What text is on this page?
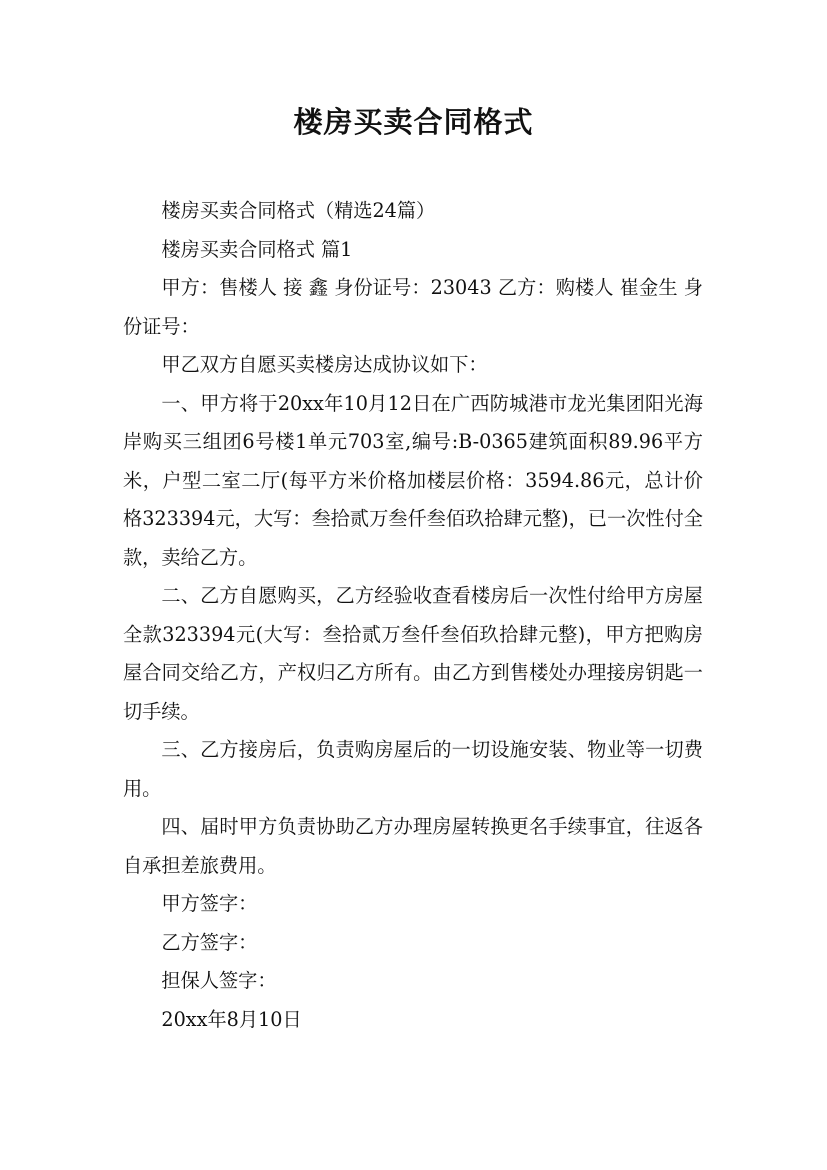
楼房买卖合同格式

楼房买卖合同格式（精选24篇）

楼房买卖合同格式 篇1

甲方：售楼人 接 鑫 身份证号：23043 乙方：购楼人 崔金生 身份证号：

甲乙双方自愿买卖楼房达成协议如下：

一、甲方将于20xx年10月12日在广西防城港市龙光集团阳光海岸购买三组团6号楼1单元703室,编号:B-0365建筑面积89.96平方米，户型二室二厅(每平方米价格加楼层价格：3594.86元，总计价格323394元，大写：叁拾贰万叁仟叁佰玖拾肆元整)，已一次性付全款，卖给乙方。

二、乙方自愿购买，乙方经验收查看楼房后一次性付给甲方房屋全款323394元(大写：叁拾贰万叁仟叁佰玖拾肆元整)，甲方把购房屋合同交给乙方，产权归乙方所有。由乙方到售楼处办理接房钥匙一切手续。

三、乙方接房后，负责购房屋后的一切设施安装、物业等一切费用。

四、届时甲方负责协助乙方办理房屋转换更名手续事宜，往返各自承担差旅费用。

甲方签字：

乙方签字：

担保人签字：

20xx年8月10日
